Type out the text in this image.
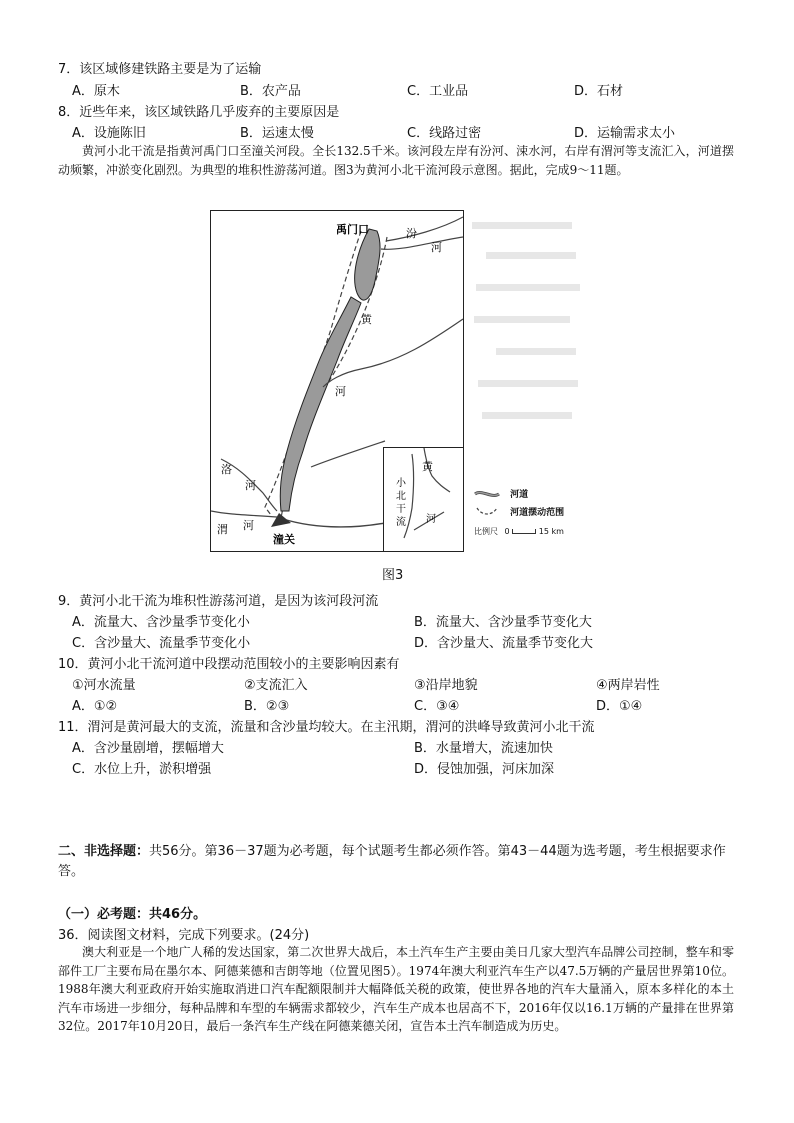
7．该区域修建铁路主要是为了运输
A．原木	B．农产品	C．工业品	D．石材
8．近些年来，该区域铁路几乎废弃的主要原因是
A．设施陈旧	B．运速太慢	C．线路过密	D．运输需求太小

黄河小北干流是指黄河禹门口至潼关河段。全长132.5千米。该河段左岸有汾河、涑水河，右岸有渭河等支流汇入，河道摆动频繁，冲淤变化剧烈。为典型的堆积性游荡河道。图3为黄河小北干流河段示意图。据此，完成9～11题。

禹门口	汾
河
黄
河
洛
河
渭 河
潼关
黄
小
北
干
流 河
河道
河道摆动范围
比例尺 0	15 km
图3
9．黄河小北干流为堆积性游荡河道，是因为该河段河流
A．流量大、含沙量季节变化小	B．流量大、含沙量季节变化大
C．含沙量大、流量季节变化小	D．含沙量大、流量季节变化大
10．黄河小北干流河道中段摆动范围较小的主要影响因素有
①河水流量	②支流汇入	③沿岸地貌	④两岸岩性
A．①②	B．②③	C．③④	D．①④
11．渭河是黄河最大的支流，流量和含沙量均较大。在主汛期，渭河的洪峰导致黄河小北干流
A．含沙量剧增，摆幅增大	B．水量增大，流速加快
C．水位上升，淤积增强	D．侵蚀加强，河床加深
二、非选择题：共56分。第36－37题为必考题，每个试题考生都必须作答。第43－44题为选考题，考生根据要求作答。
（一）必考题：共46分。
36．阅读图文材料，完成下列要求。(24分)

澳大利亚是一个地广人稀的发达国家，第二次世界大战后，本土汽车生产主要由美日几家大型汽车品牌公司控制，整车和零部件工厂主要布局在墨尔本、阿德莱德和吉朗等地（位置见图5）。1974年澳大利亚汽车生产以47.5万辆的产量居世界第10位。1988年澳大利亚政府开始实施取消进口汽车配额限制并大幅降低关税的政策，使世界各地的汽车大量涌入，原本多样化的本土汽车市场进一步细分，每种品牌和车型的车辆需求都较少，汽车生产成本也居高不下，2016年仅以16.1万辆的产量排在世界第32位。2017年10月20日，最后一条汽车生产线在阿德莱德关闭，宣告本土汽车制造成为历史。
